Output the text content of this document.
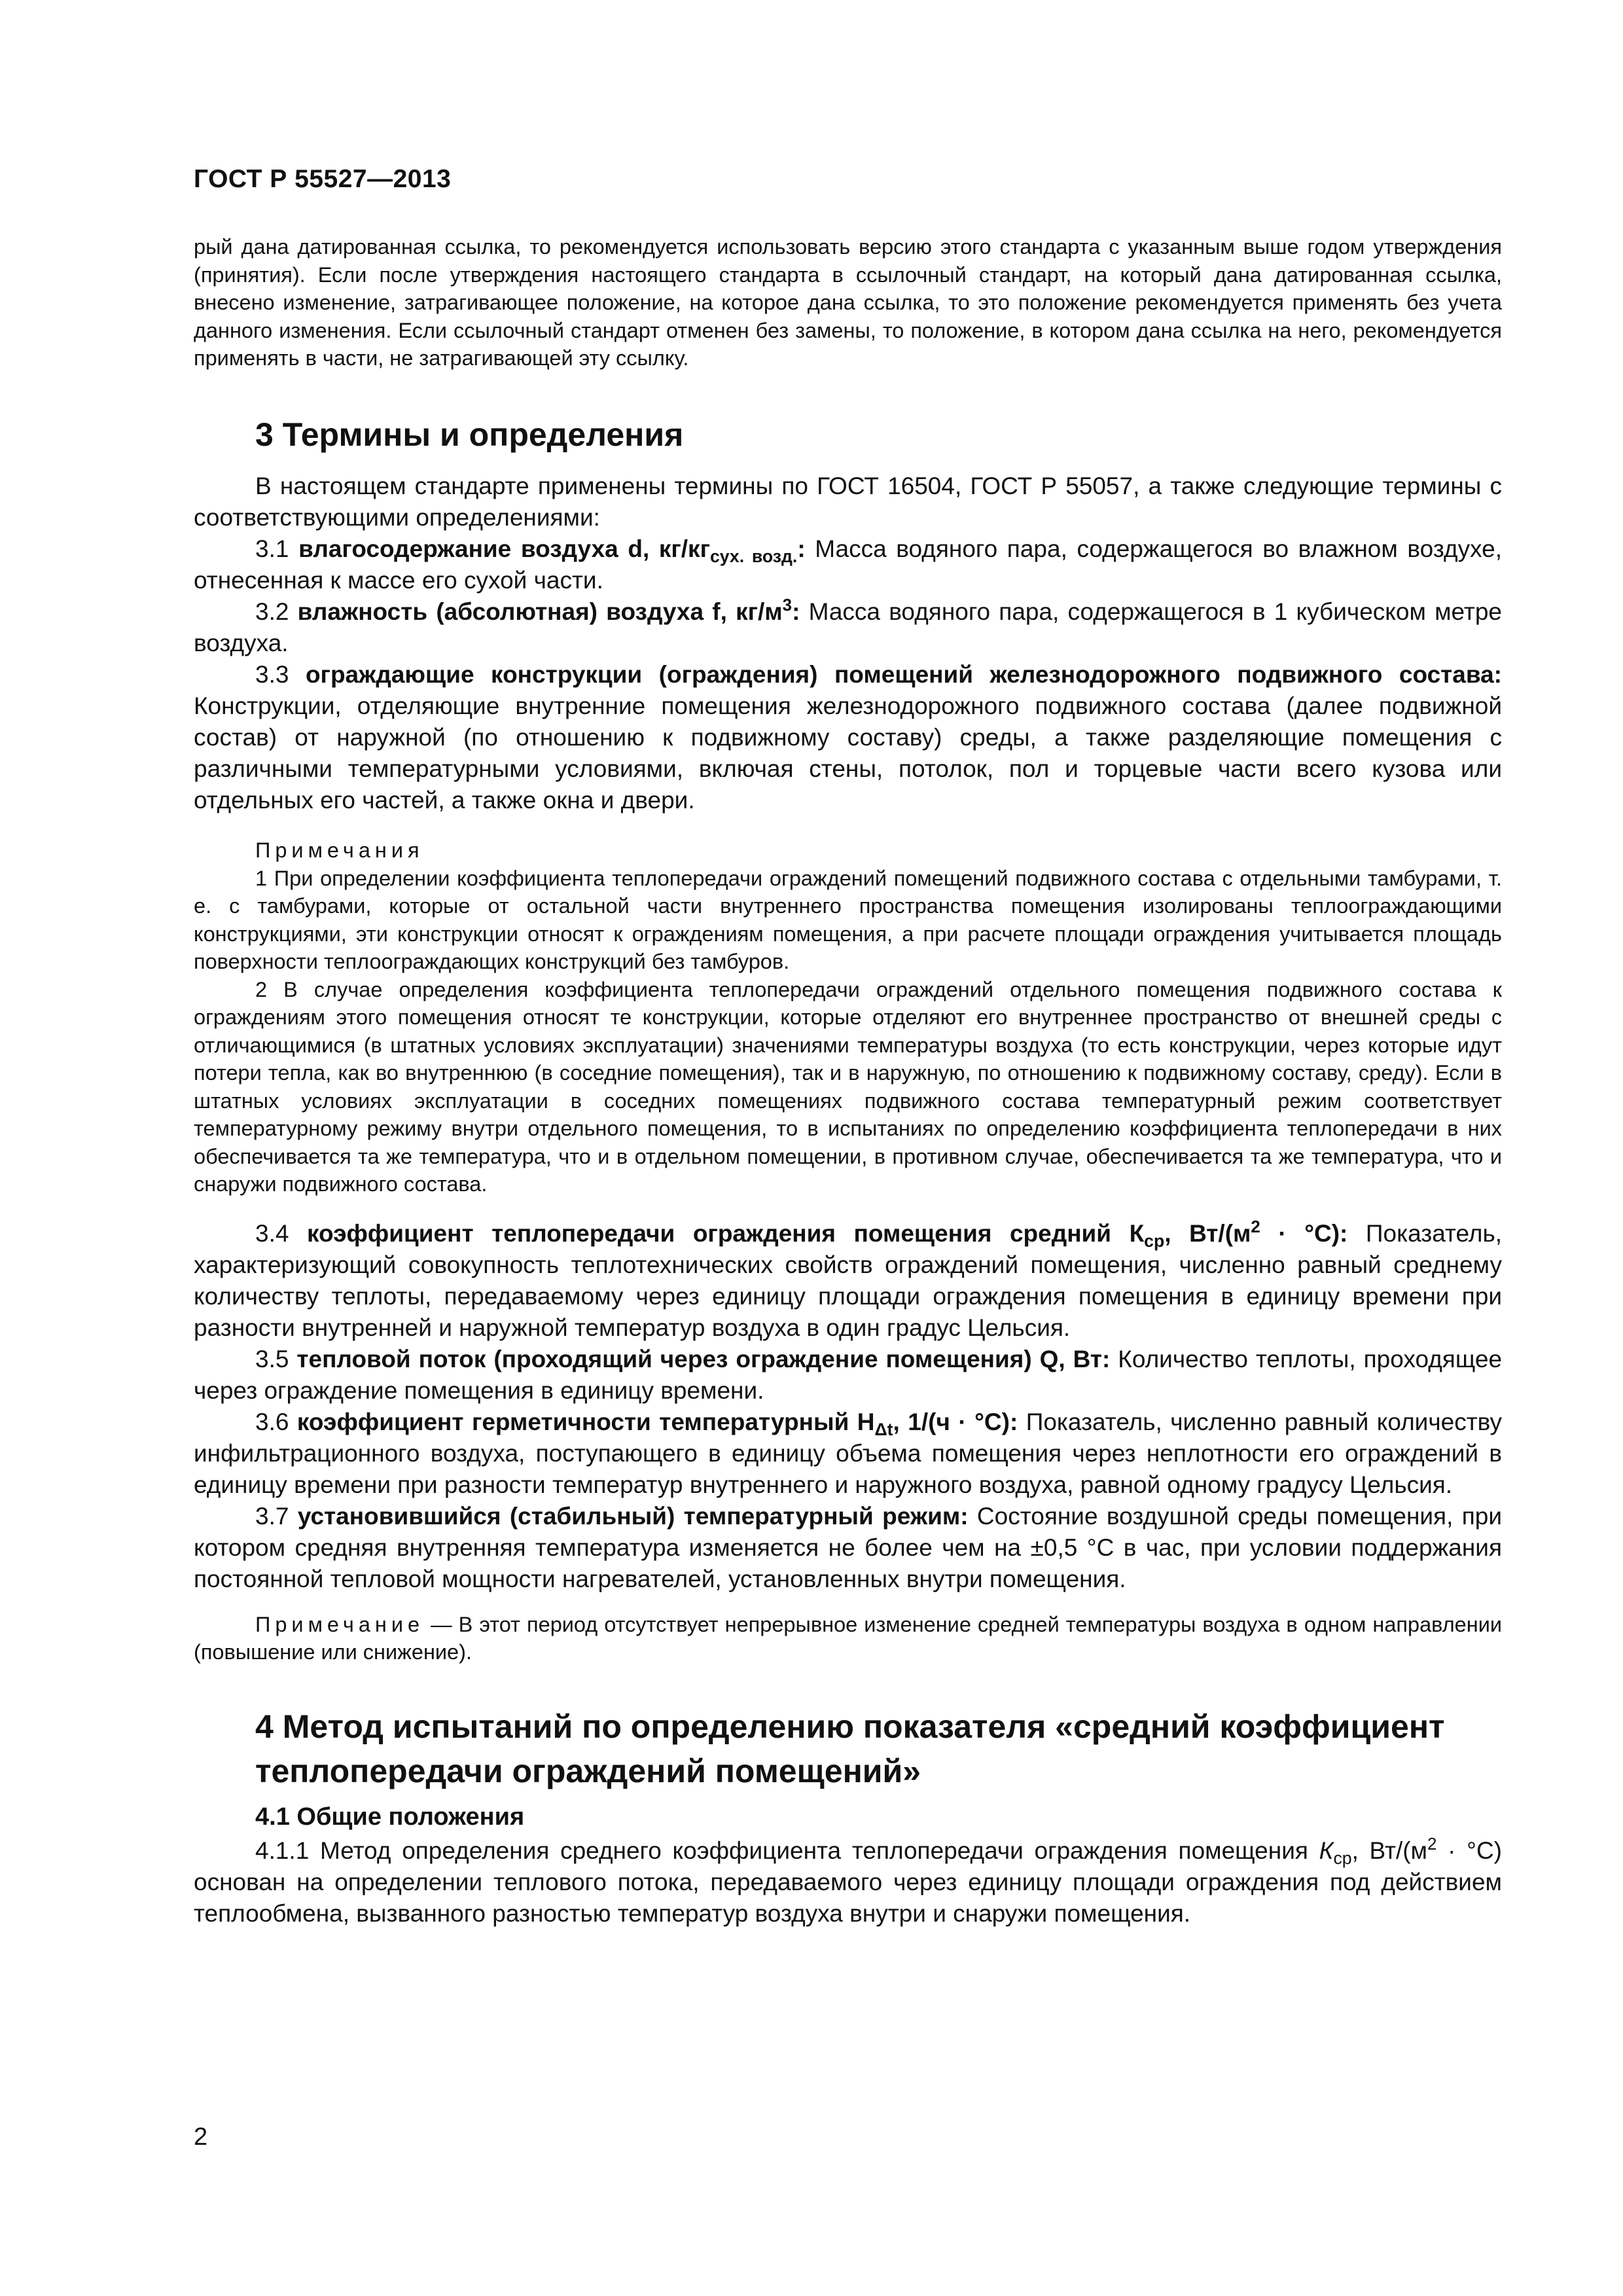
ГОСТ Р 55527—2013

рый дана датированная ссылка, то рекомендуется использовать версию этого стандарта с указанным выше годом утверждения (принятия). Если после утверждения настоящего стандарта в ссылочный стандарт, на который дана датированная ссылка, внесено изменение, затрагивающее положение, на которое дана ссылка, то это положение рекомендуется применять без учета данного изменения. Если ссылочный стандарт отменен без замены, то положение, в котором дана ссылка на него, рекомендуется применять в части, не затрагивающей эту ссылку.

3 Термины и определения

В настоящем стандарте применены термины по ГОСТ 16504, ГОСТ Р 55057, а также следующие термины с соответствующими определениями:

3.1 влагосодержание воздуха d, $кг/кг_{сух. возд.}$: Масса водяного пара, содержащегося во влажном воздухе, отнесенная к массе его сухой части.

3.2 влажность (абсолютная) воздуха f, $кг/м^3$: Масса водяного пара, содержащегося в 1 кубическом метре воздуха.

3.3 ограждающие конструкции (ограждения) помещений железнодорожного подвижного состава: Конструкции, отделяющие внутренние помещения железнодорожного подвижного состава (далее подвижной состав) от наружной (по отношению к подвижному составу) среды, а также разделяющие помещения с различными температурными условиями, включая стены, потолок, пол и торцевые части всего кузова или отдельных его частей, а также окна и двери.

Примечания

1 При определении коэффициента теплопередачи ограждений помещений подвижного состава с отдельными тамбурами, т. е. с тамбурами, которые от остальной части внутреннего пространства помещения изолированы теплоограждающими конструкциями, эти конструкции относят к ограждениям помещения, а при расчете площади ограждения учитывается площадь поверхности теплоограждающих конструкций без тамбуров.

2 В случае определения коэффициента теплопередачи ограждений отдельного помещения подвижного состава к ограждениям этого помещения относят те конструкции, которые отделяют его внутреннее пространство от внешней среды с отличающимися (в штатных условиях эксплуатации) значениями температуры воздуха (то есть конструкции, через которые идут потери тепла, как во внутреннюю (в соседние помещения), так и в наружную, по отношению к подвижному составу, среду). Если в штатных условиях эксплуатации в соседних помещениях подвижного состава температурный режим соответствует температурному режиму внутри отдельного помещения, то в испытаниях по определению коэффициента теплопередачи в них обеспечивается та же температура, что и в отдельном помещении, в противном случае, обеспечивается та же температура, что и снаружи подвижного состава.

3.4 коэффициент теплопередачи ограждения помещения средний $К_{ср}$, $Вт/(м^2 \cdot ^\circ С)$: Показатель, характеризующий совокупность теплотехнических свойств ограждений помещения, численно равный среднему количеству теплоты, передаваемому через единицу площади ограждения помещения в единицу времени при разности внутренней и наружной температур воздуха в один градус Цельсия.

3.5 тепловой поток (проходящий через ограждение помещения) Q, Вт: Количество теплоты, проходящее через ограждение помещения в единицу времени.

3.6 коэффициент герметичности температурный $Н_{\Delta t}$, 1/(ч · °С): Показатель, численно равный количеству инфильтрационного воздуха, поступающего в единицу объема помещения через неплотности его ограждений в единицу времени при разности температур внутреннего и наружного воздуха, равной одному градусу Цельсия.

3.7 установившийся (стабильный) температурный режим: Состояние воздушной среды помещения, при котором средняя внутренняя температура изменяется не более чем на ±0,5 °С в час, при условии поддержания постоянной тепловой мощности нагревателей, установленных внутри помещения.

Примечание — В этот период отсутствует непрерывное изменение средней температуры воздуха в одном направлении (повышение или снижение).

4 Метод испытаний по определению показателя «средний коэффициент теплопередачи ограждений помещений»
4.1 Общие положения

4.1.1 Метод определения среднего коэффициента теплопередачи ограждения помещения $К_{ср}$, $Вт/(м^2 \cdot ^\circ С)$ основан на определении теплового потока, передаваемого через единицу площади ограждения под действием теплообмена, вызванного разностью температур воздуха внутри и снаружи помещения.

2
